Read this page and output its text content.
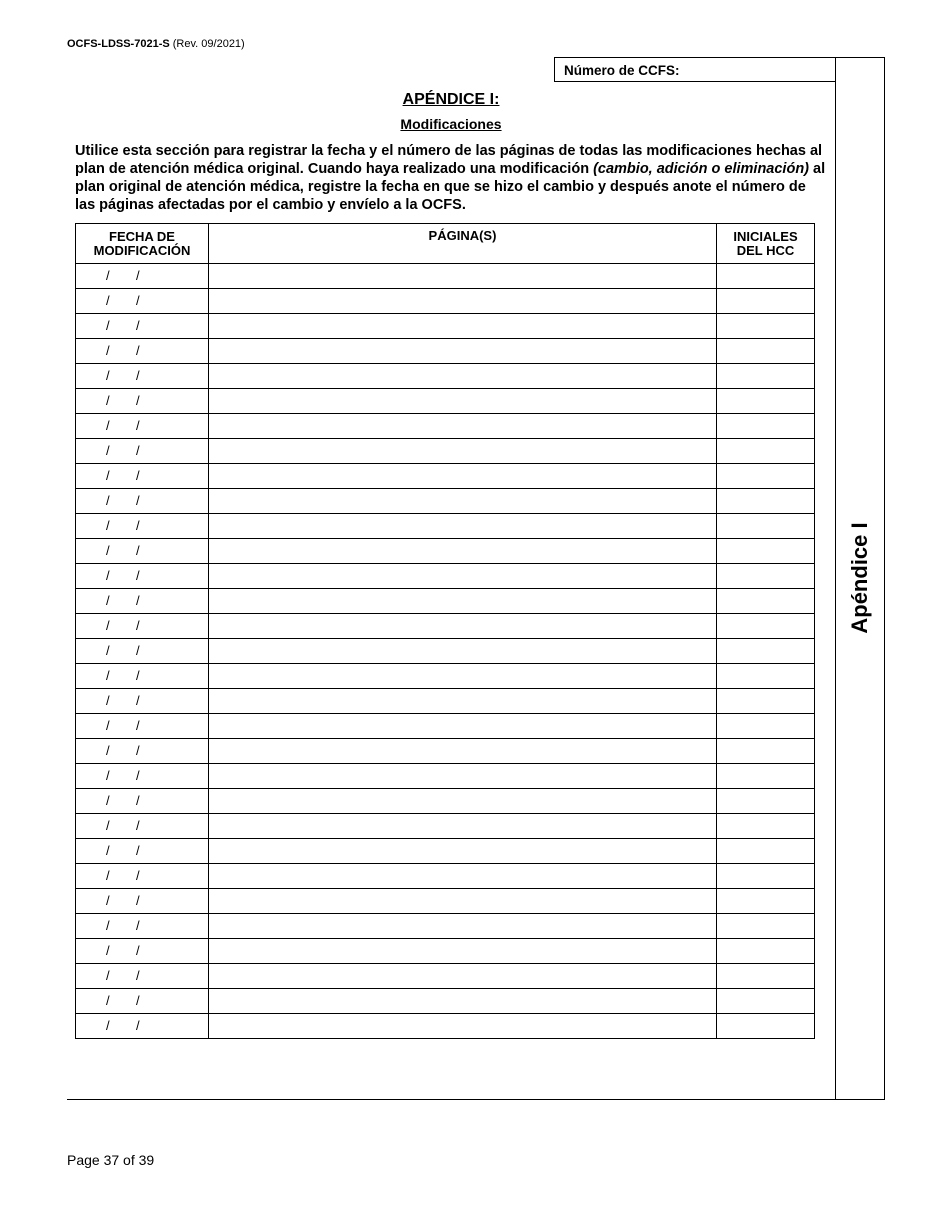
OCFS-LDSS-7021-S (Rev. 09/2021)
Número de CCFS:
Apéndice I
APÉNDICE I:
Modificaciones
Utilice esta sección para registrar la fecha y el número de las páginas de todas las modificaciones hechas al plan de atención médica original. Cuando haya realizado una modificación (cambio, adición o eliminación) al plan original de atención médica, registre la fecha en que se hizo el cambio y después anote el número de las páginas afectadas por el cambio y envíelo a la OCFS.
FECHA DE
MODIFICACIÓN	PÁGINA(S)	INICIALES
DEL HCC

/ /		

/ /		

/ /		

/ /		

/ /		

/ /		

/ /		

/ /		

/ /		

/ /		

/ /		

/ /		

/ /		

/ /		

/ /		

/ /		

/ /		

/ /		

/ /		

/ /		

/ /		

/ /		

/ /		

/ /		

/ /		

/ /		

/ /		

/ /		

/ /		

/ /		

/ /		

Page 37 of 39
